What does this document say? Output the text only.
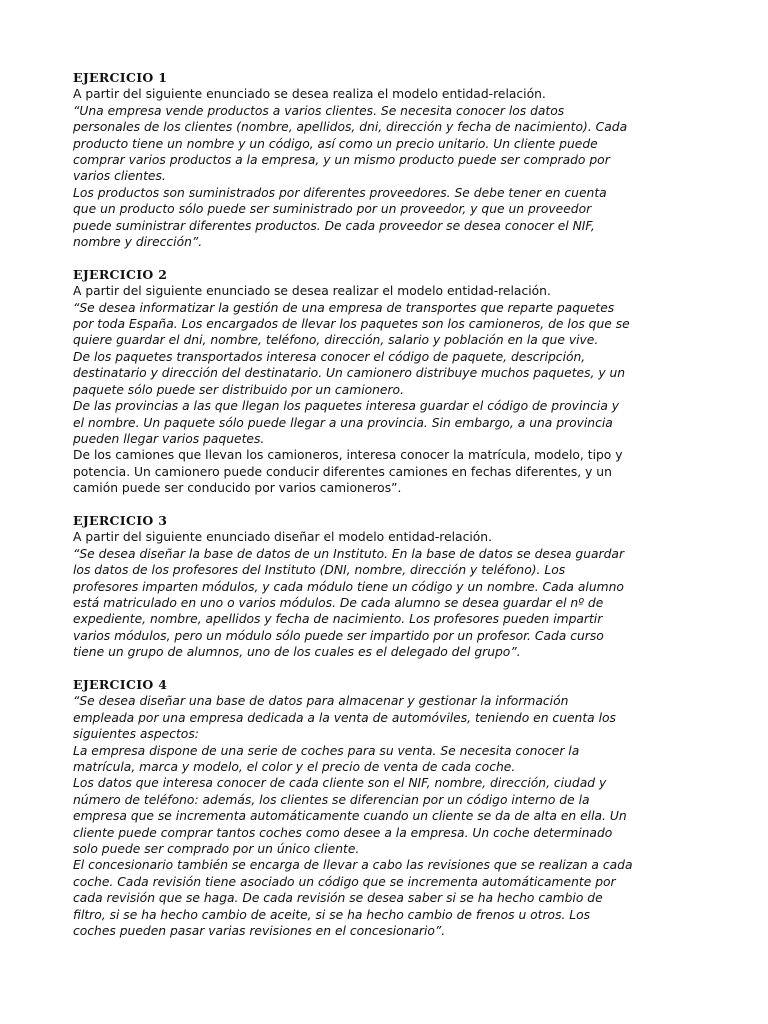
EJERCICIO 1
A partir del siguiente enunciado se desea realiza el modelo entidad-relación.
“Una empresa vende productos a varios clientes. Se necesita conocer los datos personales de los clientes (nombre, apellidos, dni, dirección y fecha de nacimiento). Cada producto tiene un nombre y un código, así como un precio unitario. Un cliente puede comprar varios productos a la empresa, y un mismo producto puede ser comprado por varios clientes.
Los productos son suministrados por diferentes proveedores. Se debe tener en cuenta que un producto sólo puede ser suministrado por un proveedor, y que un proveedor puede suministrar diferentes productos. De cada proveedor se desea conocer el NIF, nombre y dirección”.
EJERCICIO 2
A partir del siguiente enunciado se desea realizar el modelo entidad-relación.
“Se desea informatizar la gestión de una empresa de transportes que reparte paquetes por toda España. Los encargados de llevar los paquetes son los camioneros, de los que se quiere guardar el dni, nombre, teléfono, dirección, salario y población en la que vive.
De los paquetes transportados interesa conocer el código de paquete, descripción, destinatario y dirección del destinatario. Un camionero distribuye muchos paquetes, y un paquete sólo puede ser distribuido por un camionero.
De las provincias a las que llegan los paquetes interesa guardar el código de provincia y el nombre. Un paquete sólo puede llegar a una provincia. Sin embargo, a una provincia pueden llegar varios paquetes.
De los camiones que llevan los camioneros, interesa conocer la matrícula, modelo, tipo y potencia. Un camionero puede conducir diferentes camiones en fechas diferentes, y un camión puede ser conducido por varios camioneros”.
EJERCICIO 3
A partir del siguiente enunciado diseñar el modelo entidad-relación.
“Se desea diseñar la base de datos de un Instituto. En la base de datos se desea guardar los datos de los profesores del Instituto (DNI, nombre, dirección y teléfono). Los profesores imparten módulos, y cada módulo tiene un código y un nombre. Cada alumno está matriculado en uno o varios módulos. De cada alumno se desea guardar el nº de expediente, nombre, apellidos y fecha de nacimiento. Los profesores pueden impartir varios módulos, pero un módulo sólo puede ser impartido por un profesor. Cada curso tiene un grupo de alumnos, uno de los cuales es el delegado del grupo”.
EJERCICIO 4
“Se desea diseñar una base de datos para almacenar y gestionar la información empleada por una empresa dedicada a la venta de automóviles, teniendo en cuenta los siguientes aspectos:
La empresa dispone de una serie de coches para su venta. Se necesita conocer la matrícula, marca y modelo, el color y el precio de venta de cada coche.
Los datos que interesa conocer de cada cliente son el NIF, nombre, dirección, ciudad y número de teléfono: además, los clientes se diferencian por un código interno de la empresa que se incrementa automáticamente cuando un cliente se da de alta en ella. Un cliente puede comprar tantos coches como desee a la empresa. Un coche determinado solo puede ser comprado por un único cliente.
El concesionario también se encarga de llevar a cabo las revisiones que se realizan a cada coche. Cada revisión tiene asociado un código que se incrementa automáticamente por cada revisión que se haga. De cada revisión se desea saber si se ha hecho cambio de filtro, si se ha hecho cambio de aceite, si se ha hecho cambio de frenos u otros. Los coches pueden pasar varias revisiones en el concesionario”.
